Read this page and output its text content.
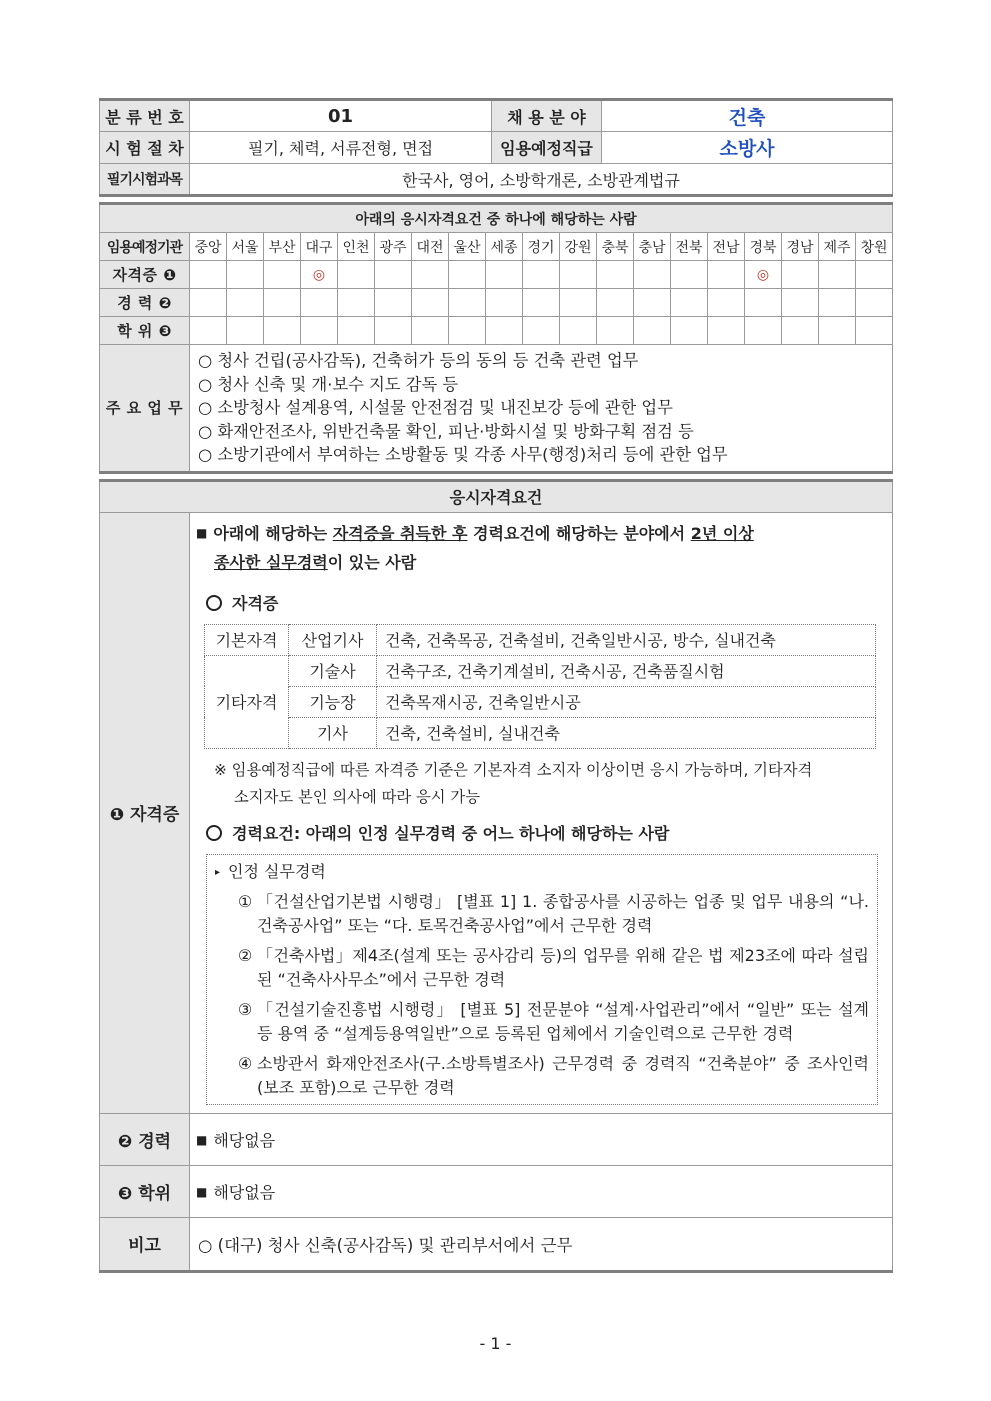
분 류 번 호	01	채 용 분 야	건축
시 험 절 차	필기, 체력, 서류전형, 면접	임용예정직급	소방사
필기시험과목	한국사, 영어, 소방학개론, 소방관계법규		
아래의 응시자격요건 중 하나에 해당하는 사람																			
임용예정기관	중앙	서울	부산	대구	인천	광주	대전	울산	세종	경기	강원	충북	충남	전북	전남	경북	경남	제주	창원
자격증 ❶				◎												◎			
경 력 ❷																			
학 위 ❸																			
주 요 업 무	○ 청사 건립(공사감독), 건축허가 등의 동의 등 건축 관련 업무
○ 청사 신축 및 개·보수 지도 감독 등
○ 소방청사 설계용역, 시설물 안전점검 및 내진보강 등에 관한 업무
○ 화재안전조사, 위반건축물 확인, 피난·방화시설 및 방화구획 점검 등
○ 소방기관에서 부여하는 소방활동 및 각종 사무(행정)처리 등에 관한 업무																		
응시자격요건
❶ 자격증	
■ 아래에 해당하는 자격증을 취득한 후 경력요건에 해당하는 분야에서 2년 이상
종사한 실무경력이 있는 사람
자격증
기본자격	산업기사	건축, 건축목공, 건축설비, 건축일반시공, 방수, 실내건축
기타자격	기술사	건축구조, 건축기계설비, 건축시공, 건축품질시험
기능장	건축목재시공, 건축일반시공
기사	건축, 건축설비, 실내건축
※ 임용예정직급에 따른 자격증 기준은 기본자격 소지자 이상이면 응시 가능하며, 기타자격
소지자도 본인 의사에 따라 응시 가능
경력요건: 아래의 인정 실무경력 중 어느 하나에 해당하는 사람
▸ 인정 실무경력
① 「건설산업기본법 시행령」 [별표 1] 1. 종합공사를 시공하는 업종 및 업무 내용의 “나. 건축공사업” 또는 “다. 토목건축공사업”에서 근무한 경력
② 「건축사법」제4조(설계 또는 공사감리 등)의 업무를 위해 같은 법 제23조에 따라 설립된 “건축사사무소”에서 근무한 경력
③ 「건설기술진흥법 시행령」 [별표 5] 전문분야 “설계·사업관리”에서 “일반” 또는 설계등 용역 중 “설계등용역일반”으로 등록된 업체에서 기술인력으로 근무한 경력
④ 소방관서 화재안전조사(구.소방특별조사) 근무경력 중 경력직 “건축분야” 중 조사인력(보조 포함)으로 근무한 경력

❷ 경력	■ 해당없음
❸ 학위	■ 해당없음
비고	○ (대구) 청사 신축(공사감독) 및 관리부서에서 근무
- 1 -
